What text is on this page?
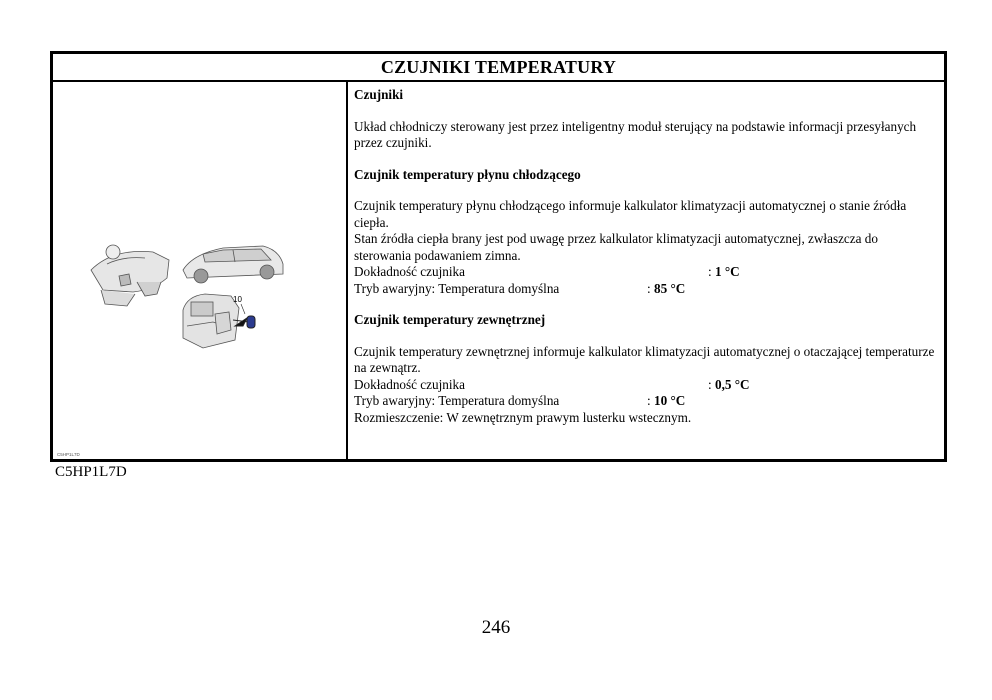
CZUJNIKI TEMPERATURY
10
C5HP1L7D

Czujniki

Układ chłodniczy sterowany jest przez inteligentny moduł sterujący na podstawie informacji przesyłanych przez czujniki.

Czujnik temperatury płynu chłodzącego

Czujnik temperatury płynu chłodzącego informuje kalkulator klimatyzacji automatycznej o stanie źródła ciepła.

Stan źródła ciepła brany jest pod uwagę przez kalkulator klimatyzacji automatycznej, zwłaszcza do sterowania podawaniem zimna.

Dokładność czujnika	: 1 °C
Tryb awaryjny: Temperatura domyślna	: 85 °C

Czujnik temperatury zewnętrznej

Czujnik temperatury zewnętrznej informuje kalkulator klimatyzacji automatycznej o otaczającej temperaturze na zewnątrz.

Dokładność czujnika	: 0,5 °C
Tryb awaryjny: Temperatura domyślna	: 10 °C

Rozmieszczenie: W zewnętrznym prawym lusterku wstecznym.

C5HP1L7D
246
